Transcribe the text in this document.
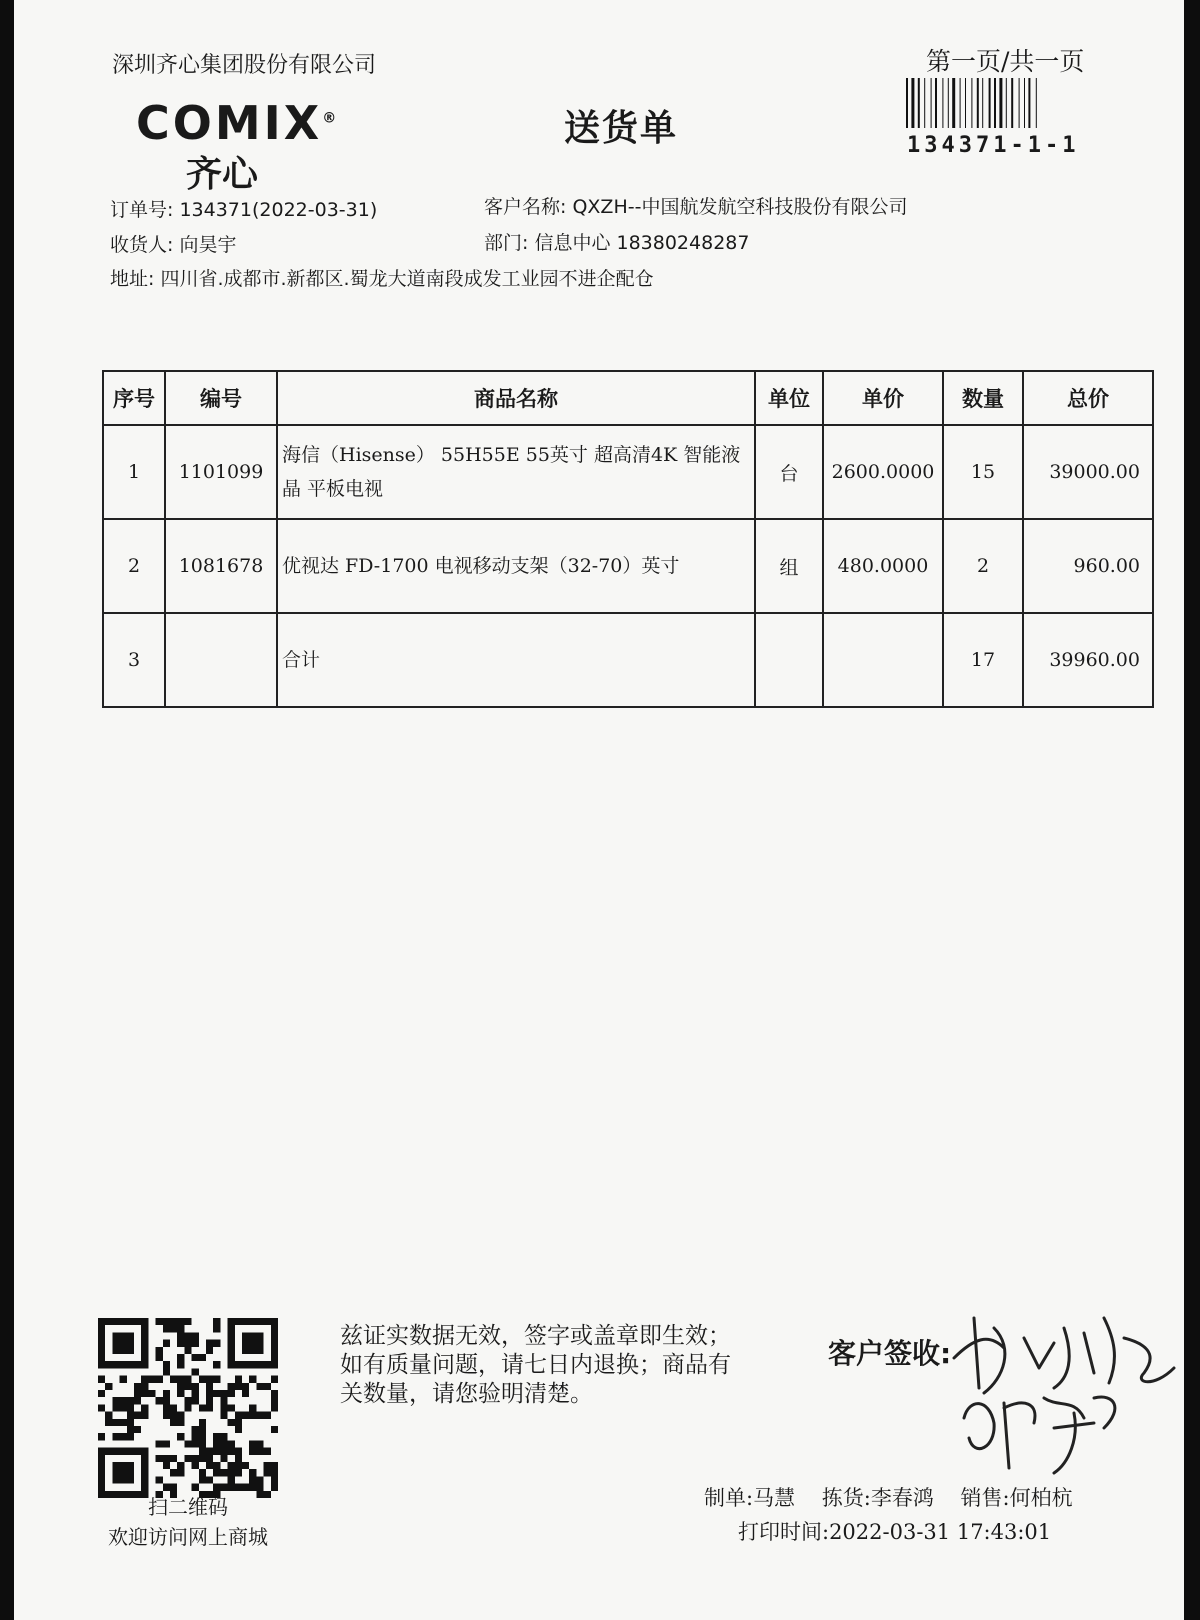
深圳齐心集团股份有限公司	第一页/共一页
134371-1-1
COMIX®
齐心
送货单
订单号: 134371(2022-03-31)	客户名称: QXZH--中国航发航空科技股份有限公司
收货人: 向昊宇	部门: 信息中心 18380248287
地址: 四川省.成都市.新都区.蜀龙大道南段成发工业园不进企配仓
序号	编号	商品名称	单位	单价	数量	总价
1	1101099	海信（Hisense） 55H55E 55英寸 超高清4K 智能液晶 平板电视	台	2600.0000	15	39000.00
2	1081678	优视达 FD-1700 电视移动支架（32-70）英寸	组	480.0000	2	960.00
3		合计			17	39960.00
扫二维码
欢迎访问网上商城
兹证实数据无效，签字或盖章即生效；如有质量问题，请七日内退换；商品有关数量，请您验明清楚。
客户签收:
制单:马慧 拣货:李春鸿 销售:何柏杭
打印时间:2022-03-31 17:43:01
